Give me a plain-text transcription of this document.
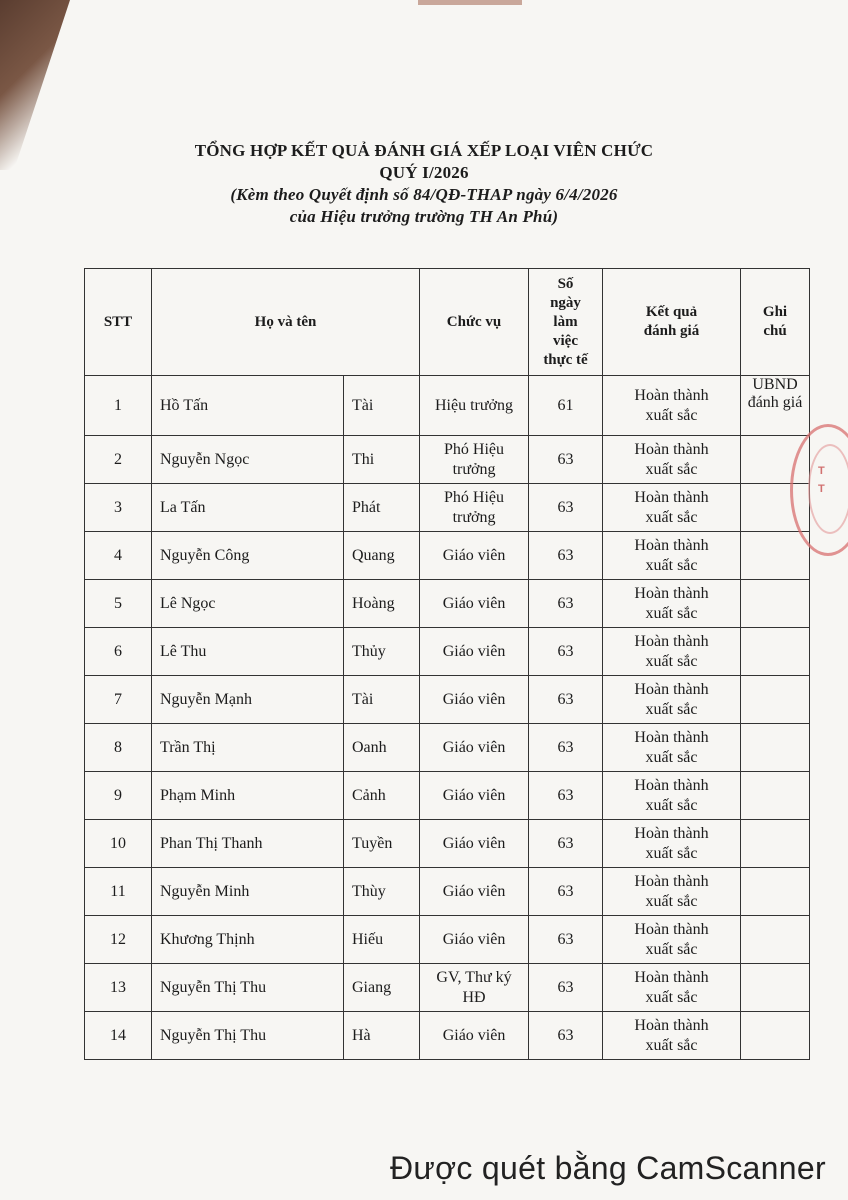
TỔNG HỢP KẾT QUẢ ĐÁNH GIÁ XẾP LOẠI VIÊN CHỨC
QUÝ I/2026
(Kèm theo Quyết định số 84/QĐ-THAP ngày 6/4/2026
của Hiệu trưởng trường TH An Phú)
STT	Họ và tên		Chức vụ	Số
ngày
làm
việc
thực tế	Kết quả
đánh giá	Ghi
chú
1	Hồ Tấn	Tài	Hiệu trưởng	61	Hoàn thành
xuất sắc	UBND đánh giá
2	Nguyễn Ngọc	Thi	Phó Hiệu
trưởng	63	Hoàn thành
xuất sắc	
3	La Tấn	Phát	Phó Hiệu
trưởng	63	Hoàn thành
xuất sắc	
4	Nguyễn Công	Quang	Giáo viên	63	Hoàn thành
xuất sắc	
5	Lê Ngọc	Hoàng	Giáo viên	63	Hoàn thành
xuất sắc	
6	Lê Thu	Thủy	Giáo viên	63	Hoàn thành
xuất sắc	
7	Nguyễn Mạnh	Tài	Giáo viên	63	Hoàn thành
xuất sắc	
8	Trần Thị	Oanh	Giáo viên	63	Hoàn thành
xuất sắc	
9	Phạm Minh	Cảnh	Giáo viên	63	Hoàn thành
xuất sắc	
10	Phan Thị Thanh	Tuyền	Giáo viên	63	Hoàn thành
xuất sắc	
11	Nguyễn Minh	Thùy	Giáo viên	63	Hoàn thành
xuất sắc	
12	Khương Thịnh	Hiếu	Giáo viên	63	Hoàn thành
xuất sắc	
13	Nguyễn Thị Thu	Giang	GV, Thư ký
HĐ	63	Hoàn thành
xuất sắc	
14	Nguyễn Thị Thu	Hà	Giáo viên	63	Hoàn thành
xuất sắc	
T
T
Được quét bằng CamScanner
